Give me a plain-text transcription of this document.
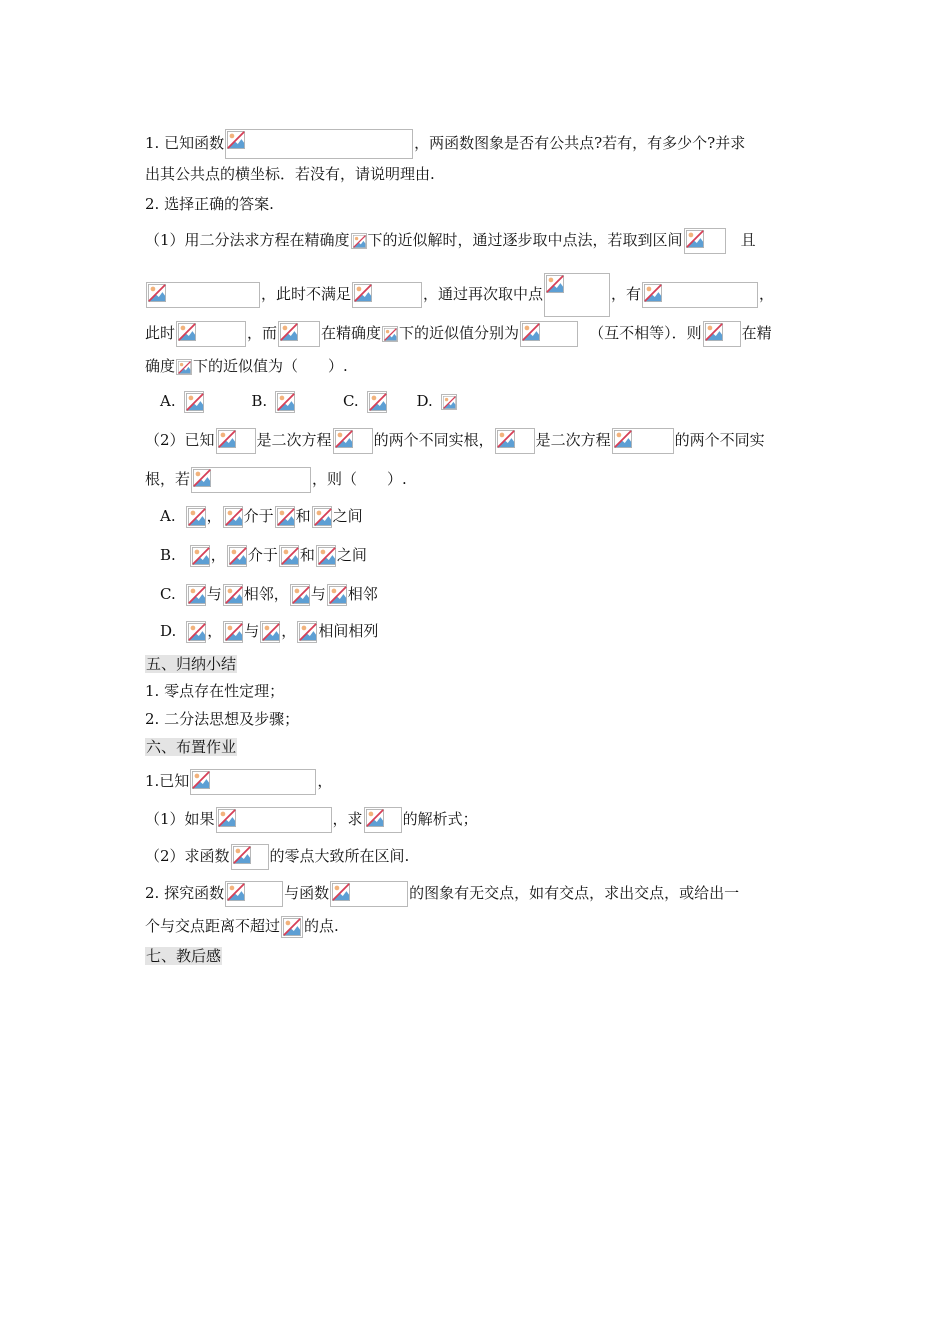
1. 已知函数	，两函数图象是否有公共点?若有，有多少个?并求
出其公共点的横坐标．若没有，请说明理由.
2. 选择正确的答案.
（1）用二分法求方程在精确度 下的近似解时，通过逐步取中点法，若取到区间	且
，此时不满足	，通过再次取中点	，有	，
此时	，而	在精确度 下的近似值分别为	（互不相等）．则	在精
确度 下的近似值为（　　）.
A.	B.	C.	D.
（2）已知	是二次方程	的两个不同实根，	是二次方程	的两个不同实
根，若	，则（　　）.
A. ， 介于 和 之间
B. ， 介于 和 之间
C. 与 相邻， 与 相邻
D. ， 与 ， 相间相列
五、归纳小结
1. 零点存在性定理；
2. 二分法思想及步骤；
六、布置作业
1.已知	，
（1）如果	，求	的解析式；
（2）求函数	的零点大致所在区间.
2. 探究函数	与函数	的图象有无交点，如有交点，求出交点，或给出一
个与交点距离不超过 的点.
七、教后感
